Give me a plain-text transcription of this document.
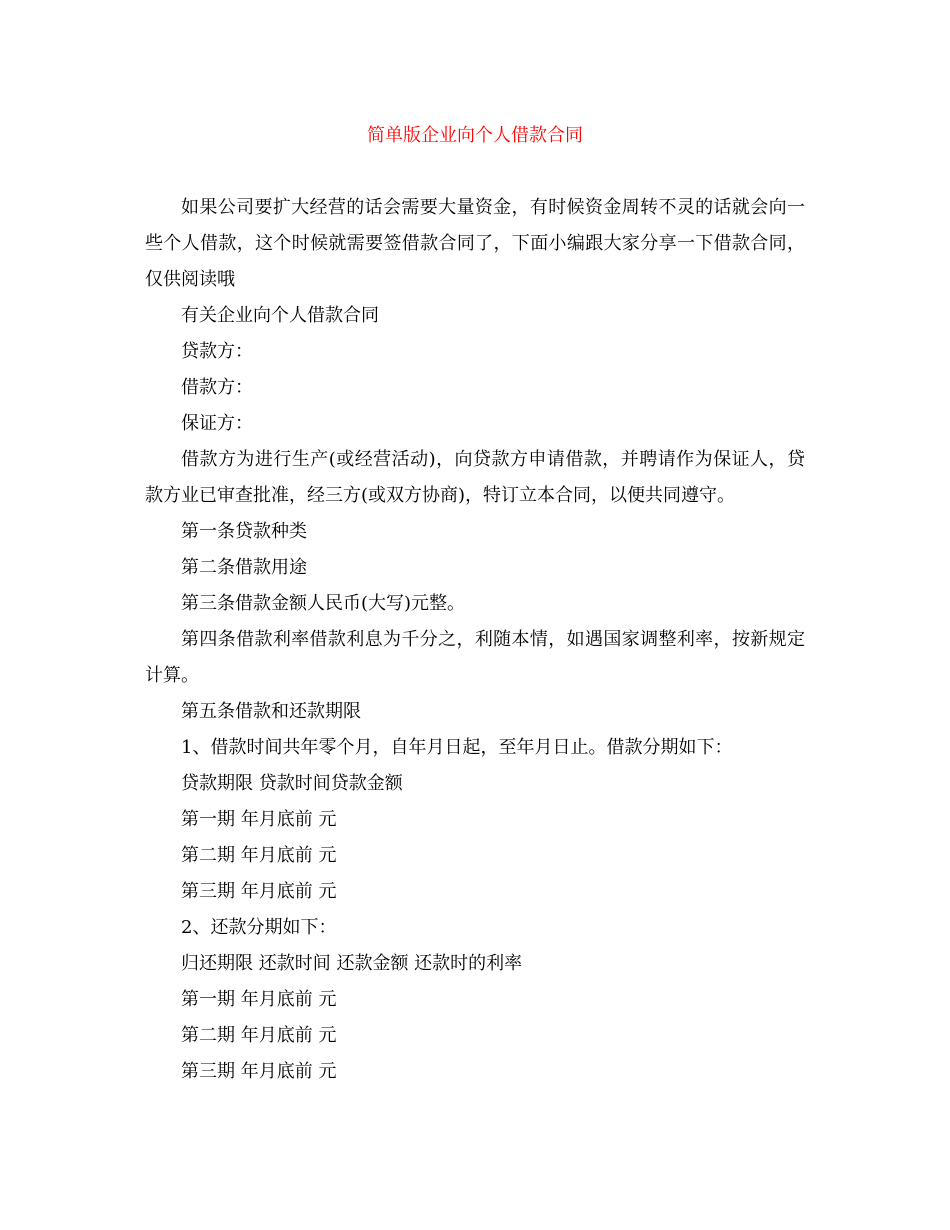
简单版企业向个人借款合同

如果公司要扩大经营的话会需要大量资金，有时候资金周转不灵的话就会向一些个人借款，这个时候就需要签借款合同了，下面小编跟大家分享一下借款合同，仅供阅读哦

有关企业向个人借款合同

贷款方：

借款方：

保证方：

借款方为进行生产(或经营活动)，向贷款方申请借款，并聘请作为保证人，贷款方业已审查批准，经三方(或双方协商)，特订立本合同，以便共同遵守。

第一条贷款种类

第二条借款用途

第三条借款金额人民币(大写)元整。

第四条借款利率借款利息为千分之，利随本情，如遇国家调整利率，按新规定计算。

第五条借款和还款期限

1、借款时间共年零个月，自年月日起，至年月日止。借款分期如下：

贷款期限 贷款时间贷款金额

第一期 年月底前 元

第二期 年月底前 元

第三期 年月底前 元

2、还款分期如下：

归还期限 还款时间 还款金额 还款时的利率

第一期 年月底前 元

第二期 年月底前 元

第三期 年月底前 元
